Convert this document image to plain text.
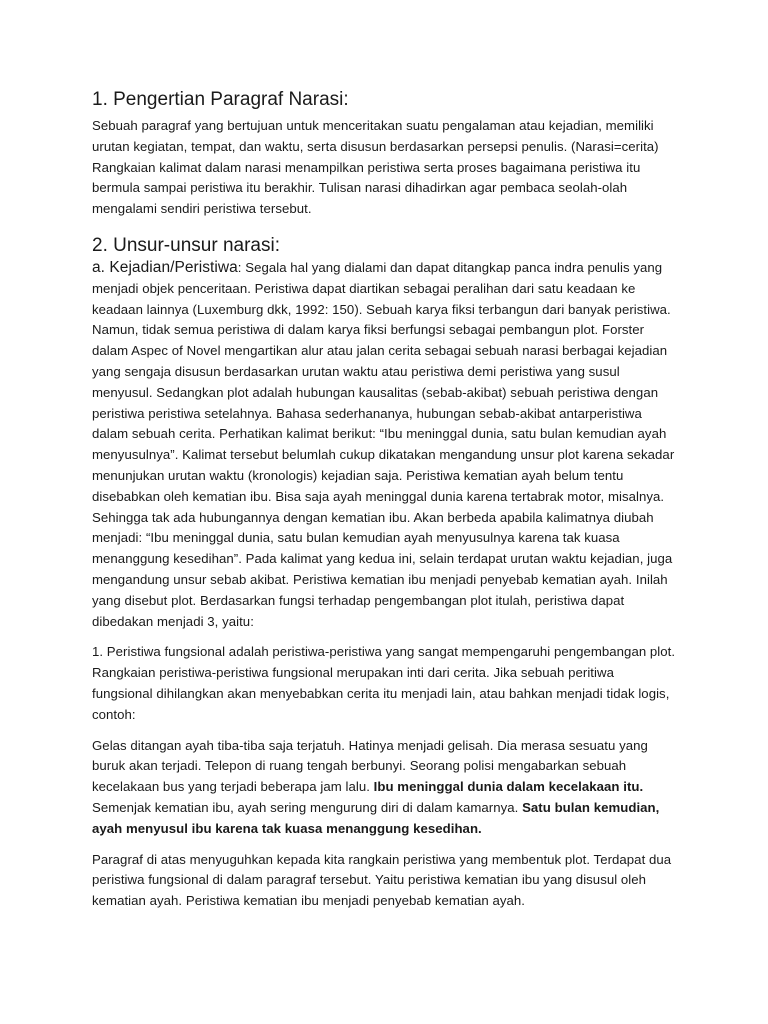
1. Pengertian Paragraf Narasi:

Sebuah paragraf yang bertujuan untuk menceritakan suatu pengalaman atau kejadian, memiliki urutan kegiatan, tempat, dan waktu, serta disusun berdasarkan persepsi penulis. (Narasi=cerita) Rangkaian kalimat dalam narasi menampilkan peristiwa serta proses bagaimana peristiwa itu bermula sampai peristiwa itu berakhir. Tulisan narasi dihadirkan agar pembaca seolah-olah mengalami sendiri peristiwa tersebut.

2. Unsur-unsur narasi:

a. Kejadian/Peristiwa: Segala hal yang dialami dan dapat ditangkap panca indra penulis yang menjadi objek penceritaan. Peristiwa dapat diartikan sebagai peralihan dari satu keadaan ke keadaan lainnya (Luxemburg dkk, 1992: 150). Sebuah karya fiksi terbangun dari banyak peristiwa. Namun, tidak semua peristiwa di dalam karya fiksi berfungsi sebagai pembangun plot. Forster dalam Aspec of Novel mengartikan alur atau jalan cerita sebagai sebuah narasi berbagai kejadian yang sengaja disusun berdasarkan urutan waktu atau peristiwa demi peristiwa yang susul menyusul. Sedangkan plot adalah hubungan kausalitas (sebab-akibat) sebuah peristiwa dengan peristiwa peristiwa setelahnya. Bahasa sederhananya, hubungan sebab-akibat antarperistiwa dalam sebuah cerita. Perhatikan kalimat berikut: “Ibu meninggal dunia, satu bulan kemudian ayah menyusulnya”. Kalimat tersebut belumlah cukup dikatakan mengandung unsur plot karena sekadar menunjukan urutan waktu (kronologis) kejadian saja. Peristiwa kematian ayah belum tentu disebabkan oleh kematian ibu. Bisa saja ayah meninggal dunia karena tertabrak motor, misalnya. Sehingga tak ada hubungannya dengan kematian ibu. Akan berbeda apabila kalimatnya diubah menjadi: “Ibu meninggal dunia, satu bulan kemudian ayah menyusulnya karena tak kuasa menanggung kesedihan”. Pada kalimat yang kedua ini, selain terdapat urutan waktu kejadian, juga mengandung unsur sebab akibat. Peristiwa kematian ibu menjadi penyebab kematian ayah. Inilah yang disebut plot. Berdasarkan fungsi terhadap pengembangan plot itulah, peristiwa dapat dibedakan menjadi 3, yaitu:

1. Peristiwa fungsional adalah peristiwa-peristiwa yang sangat mempengaruhi pengembangan plot. Rangkaian peristiwa-peristiwa fungsional merupakan inti dari cerita. Jika sebuah peritiwa fungsional dihilangkan akan menyebabkan cerita itu menjadi lain, atau bahkan menjadi tidak logis, contoh:

Gelas ditangan ayah tiba-tiba saja terjatuh. Hatinya menjadi gelisah. Dia merasa sesuatu yang buruk akan terjadi. Telepon di ruang tengah berbunyi. Seorang polisi mengabarkan sebuah kecelakaan bus yang terjadi beberapa jam lalu. Ibu meninggal dunia dalam kecelakaan itu. Semenjak kematian ibu, ayah sering mengurung diri di dalam kamarnya. Satu bulan kemudian, ayah menyusul ibu karena tak kuasa menanggung kesedihan.

Paragraf di atas menyuguhkan kepada kita rangkain peristiwa yang membentuk plot. Terdapat dua peristiwa fungsional di dalam paragraf tersebut. Yaitu peristiwa kematian ibu yang disusul oleh kematian ayah. Peristiwa kematian ibu menjadi penyebab kematian ayah.
